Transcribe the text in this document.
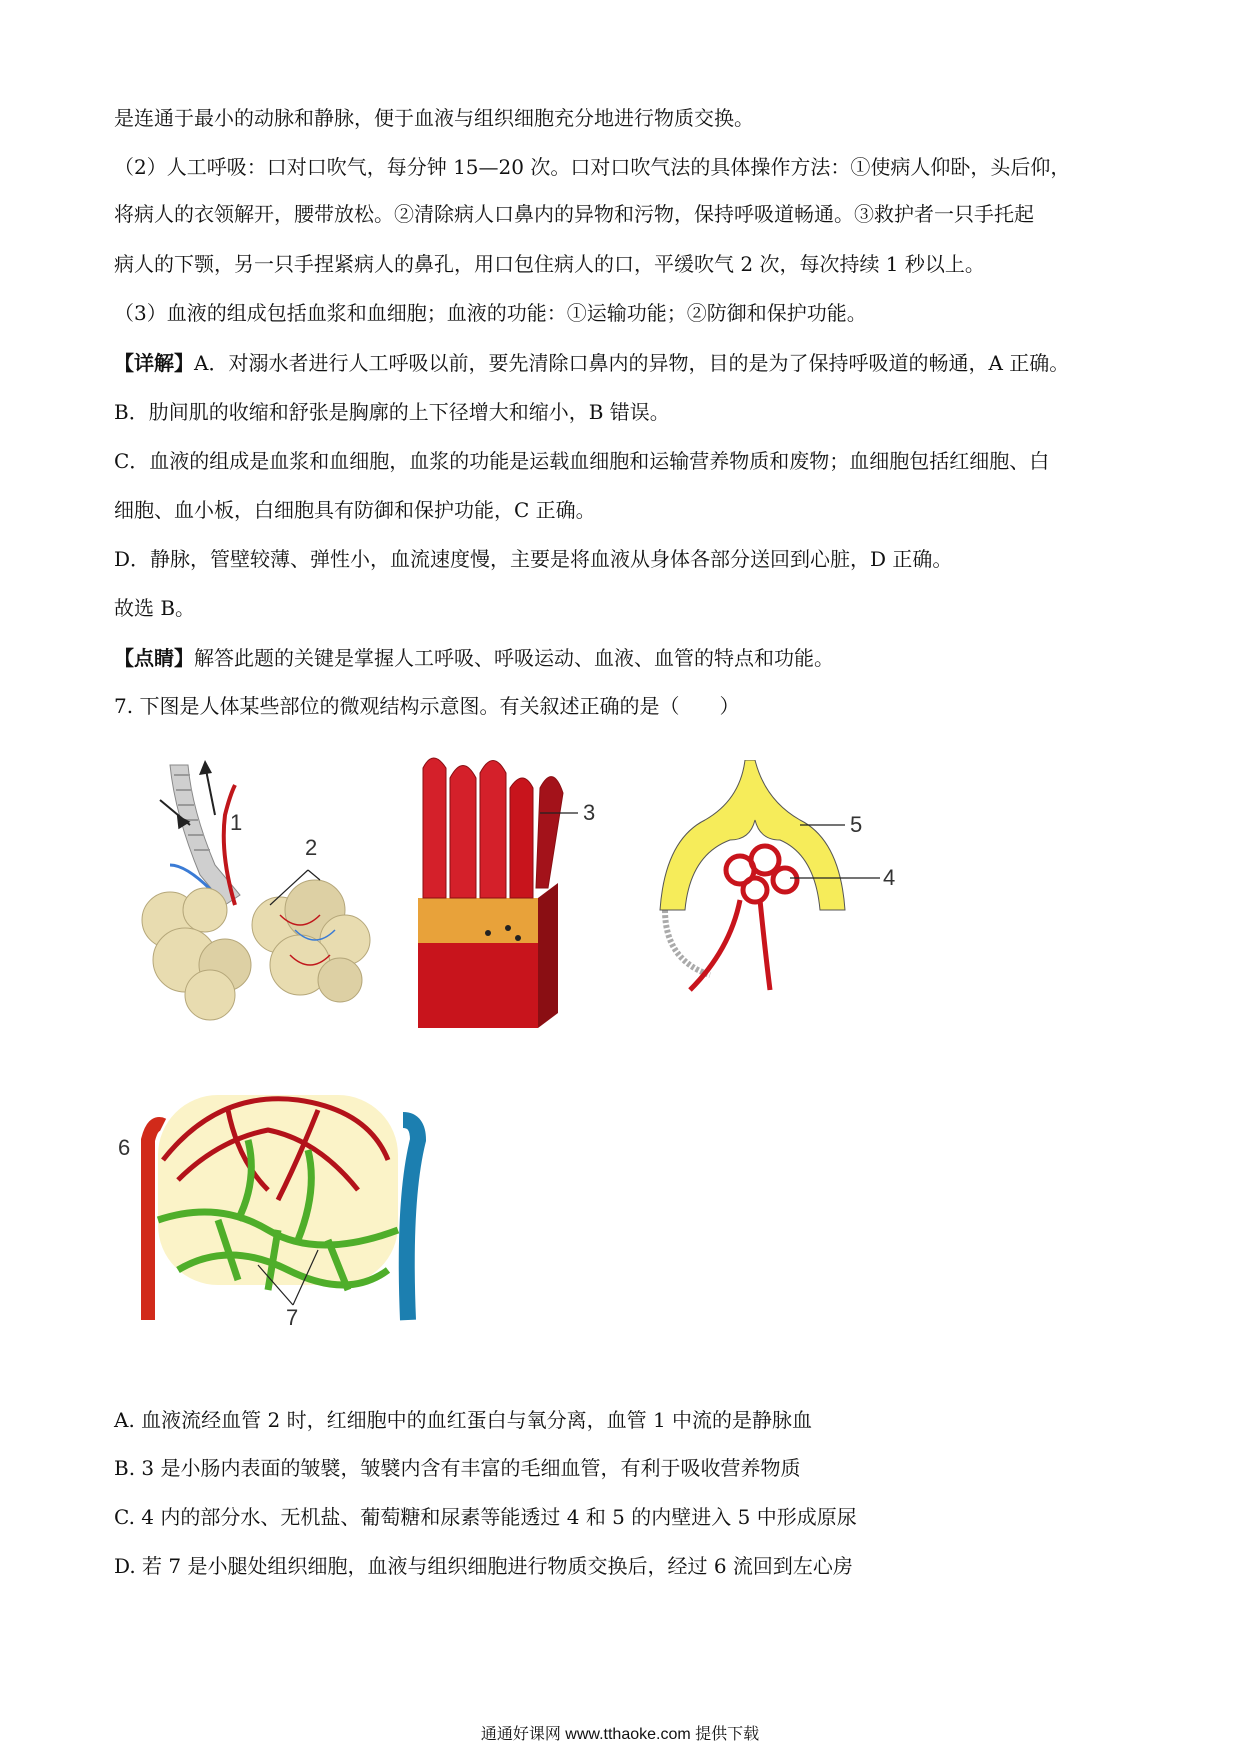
是连通于最小的动脉和静脉，便于血液与组织细胞充分地进行物质交换。
（2）人工呼吸：口对口吹气，每分钟 15—20 次。口对口吹气法的具体操作方法：①使病人仰卧，头后仰，
将病人的衣领解开，腰带放松。②清除病人口鼻内的异物和污物，保持呼吸道畅通。③救护者一只手托起
病人的下颚，另一只手捏紧病人的鼻孔，用口包住病人的口，平缓吹气 2 次，每次持续 1 秒以上。
（3）血液的组成包括血浆和血细胞；血液的功能：①运输功能；②防御和保护功能。
【详解】A．对溺水者进行人工呼吸以前，要先清除口鼻内的异物，目的是为了保持呼吸道的畅通，A 正确。
B．肋间肌的收缩和舒张是胸廓的上下径增大和缩小，B 错误。
C．血液的组成是血浆和血细胞，血浆的功能是运载血细胞和运输营养物质和废物；血细胞包括红细胞、白
细胞、血小板，白细胞具有防御和保护功能，C 正确。
D．静脉，管壁较薄、弹性小，血流速度慢，主要是将血液从身体各部分送回到心脏，D 正确。
故选 B。
【点睛】解答此题的关键是掌握人工呼吸、呼吸运动、血液、血管的特点和功能。
7. 下图是人体某些部位的微观结构示意图。有关叙述正确的是（　　）
1
2
3	5
4
6
7
A. 血液流经血管 2 时，红细胞中的血红蛋白与氧分离，血管 1 中流的是静脉血
B. 3 是小肠内表面的皱襞，皱襞内含有丰富的毛细血管，有利于吸收营养物质
C. 4 内的部分水、无机盐、葡萄糖和尿素等能透过 4 和 5 的内壁进入 5 中形成原尿
D. 若 7 是小腿处组织细胞，血液与组织细胞进行物质交换后，经过 6 流回到左心房
通通好课网 www.tthaoke.com 提供下载
